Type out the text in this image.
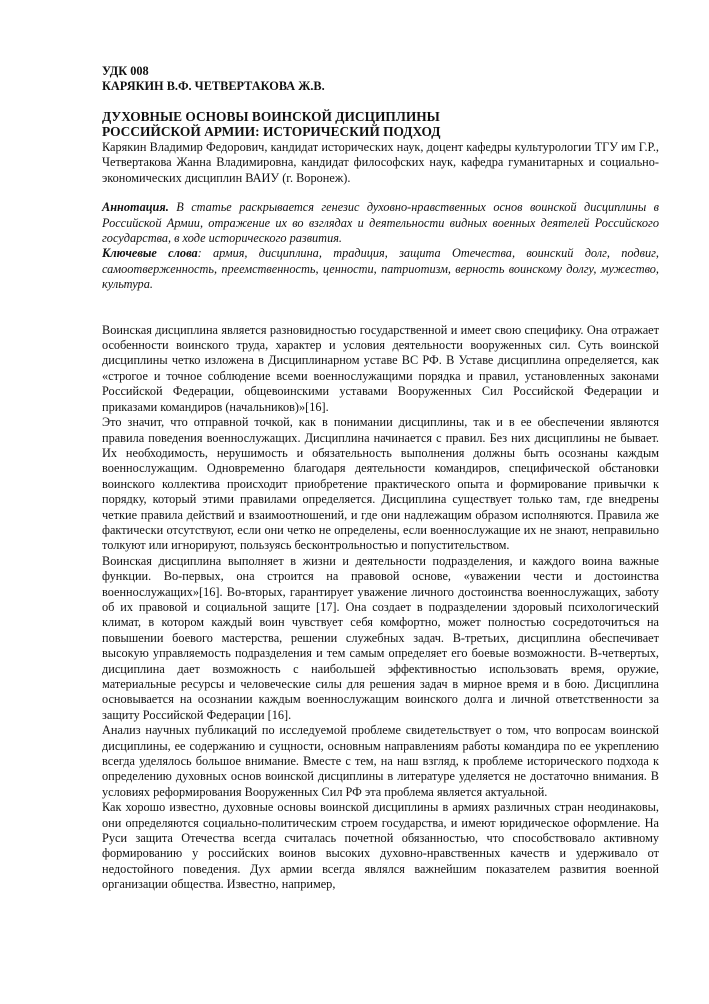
УДК 008

КАРЯКИН В.Ф. ЧЕТВЕРТАКОВА Ж.В.

ДУХОВНЫЕ ОСНОВЫ ВОИНСКОЙ ДИСЦИПЛИНЫ

РОССИЙСКОЙ АРМИИ: ИСТОРИЧЕСКИЙ ПОДХОД

Карякин Владимир Федорович, кандидат исторических наук, доцент кафедры культурологии ТГУ им Г.Р., Четвертакова Жанна Владимировна, кандидат философских наук, кафедра гуманитарных и социально-экономических дисциплин ВАИУ (г. Воронеж).

Аннотация. В статье раскрывается генезис духовно-нравственных основ воинской дисциплины в Российской Армии, отражение их во взглядах и деятельности видных военных деятелей Российского государства, в ходе исторического развития.

Ключевые слова: армия, дисциплина, традиция, защита Отечества, воинский долг, подвиг, самоотверженность, преемственность, ценности, патриотизм, верность воинскому долгу, мужество, культура.

Воинская дисциплина является разновидностью государственной и имеет свою специфику. Она отражает особенности воинского труда, характер и условия деятельности вооруженных сил. Суть воинской дисциплины четко изложена в Дисциплинарном уставе ВС РФ. В Уставе дисциплина определяется, как «строгое и точное соблюдение всеми военнослужащими порядка и правил, установленных законами Российской Федерации, общевоинскими уставами Вооруженных Сил Российской Федерации и приказами командиров (начальников)»[16].

Это значит, что отправной точкой, как в понимании дисциплины, так и в ее обеспечении являются правила поведения военнослужащих. Дисциплина начинается с правил. Без них дисциплины не бывает. Их необходимость, нерушимость и обязательность выполнения должны быть осознаны каждым военнослужащим. Одновременно благодаря деятельности командиров, специфической обстановки воинского коллектива происходит приобретение практического опыта и формирование привычки к порядку, который этими правилами определяется. Дисциплина существует только там, где внедрены четкие правила действий и взаимоотношений, и где они надлежащим образом исполняются. Правила же фактически отсутствуют, если они четко не определены, если военнослужащие их не знают, неправильно толкуют или игнорируют, пользуясь бесконтрольностью и попустительством.

Воинская дисциплина выполняет в жизни и деятельности подразделения, и каждого воина важные функции. Во-первых, она строится на правовой основе, «уважении чести и достоинства военнослужащих»[16]. Во-вторых, гарантирует уважение личного достоинства военнослужащих, заботу об их правовой и социальной защите [17]. Она создает в подразделении здоровый психологический климат, в котором каждый воин чувствует себя комфортно, может полностью сосредоточиться на повышении боевого мастерства, решении служебных задач. В-третьих, дисциплина обеспечивает высокую управляемость подразделения и тем самым определяет его боевые возможности. В-четвертых, дисциплина дает возможность с наибольшей эффективностью использовать время, оружие, материальные ресурсы и человеческие силы для решения задач в мирное время и в бою. Дисциплина основывается на осознании каждым военнослужащим воинского долга и личной ответственности за защиту Российской Федерации [16].

Анализ научных публикаций по исследуемой проблеме свидетельствует о том, что вопросам воинской дисциплины, ее содержанию и сущности, основным направлениям работы командира по ее укреплению всегда уделялось большое внимание. Вместе с тем, на наш взгляд, к проблеме исторического подхода к определению духовных основ воинской дисциплины в литературе уделяется не достаточно внимания. В условиях реформирования Вооруженных Сил РФ эта проблема является актуальной.

Как хорошо известно, духовные основы воинской дисциплины в армиях различных стран неодинаковы, они определяются социально-политическим строем государства, и имеют юридическое оформление. На Руси защита Отечества всегда считалась почетной обязанностью, что способствовало активному формированию у российских воинов высоких духовно-нравственных качеств и удерживало от недостойного поведения. Дух армии всегда являлся важнейшим показателем развития военной организации общества. Известно, например,
